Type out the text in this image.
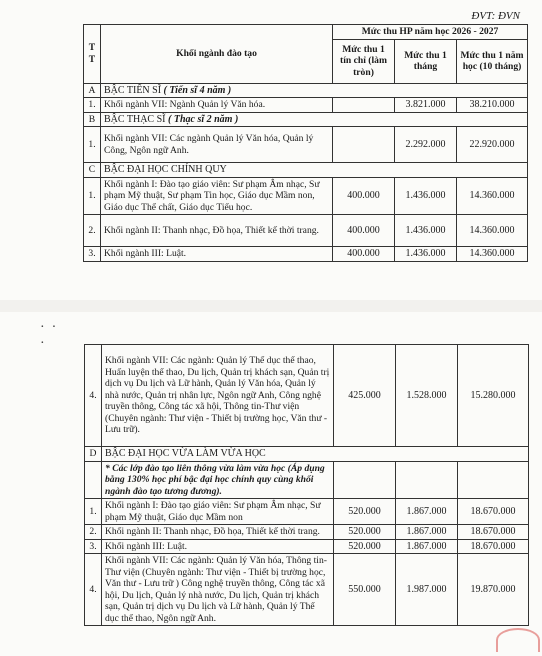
ĐVT: ĐVN
T T	Khối ngành đào tạo	Mức thu HP năm học 2026 - 2027		
		Mức thu 1 tín chỉ (làm tròn)	Mức thu 1 tháng	Mức thu 1 năm học (10 tháng)
A	BẬC TIẾN SĨ ( Tiến sĩ 4 năm )			
1.	Khối ngành VII: Ngành Quản lý Văn hóa.		3.821.000	38.210.000
B	BẬC THẠC SĨ ( Thạc sĩ 2 năm )			
1.	Khối ngành VII: Các ngành Quản lý Văn hóa, Quản lý Công, Ngôn ngữ Anh.		2.292.000	22.920.000
C	BẬC ĐẠI HỌC CHÍNH QUY			
1.	Khối ngành I: Đào tạo giáo viên: Sư phạm Âm nhạc, Sư phạm Mỹ thuật, Sư phạm Tin học, Giáo dục Mầm non, Giáo dục Thể chất, Giáo dục Tiểu học.	400.000	1.436.000	14.360.000
2.	Khối ngành II: Thanh nhạc, Đồ họa, Thiết kế thời trang.	400.000	1.436.000	14.360.000
3.	Khối ngành III: Luật.	400.000	1.436.000	14.360.000
·  ·
·
4.	Khối ngành VII: Các ngành: Quản lý Thể dục thể thao, Huấn luyện thể thao, Du lịch, Quản trị khách sạn, Quản trị dịch vụ Du lịch và Lữ hành, Quản lý Văn hóa, Quản lý nhà nước, Quản trị nhân lực, Ngôn ngữ Anh, Công nghệ truyền thông, Công tác xã hội, Thông tin-Thư viện (Chuyên ngành: Thư viện - Thiết bị trường học, Văn thư - Lưu trữ).	425.000	1.528.000	15.280.000
D	BẬC ĐẠI HỌC VỪA LÀM VỪA HỌC			
	* Các lớp đào tạo liên thông vừa làm vừa học (Áp dụng bằng 130% học phí bậc đại học chính quy cùng khối ngành đào tạo tương đương).			
1.	Khối ngành I: Đào tạo giáo viên: Sư phạm Âm nhạc, Sư phạm Mỹ thuật, Giáo dục Mầm non	520.000	1.867.000	18.670.000
2.	Khối ngành II: Thanh nhạc, Đồ họa, Thiết kế thời trang.	520.000	1.867.000	18.670.000
3.	Khối ngành III: Luật.	520.000	1.867.000	18.670.000
4.	Khối ngành VII: Các ngành: Quản lý Văn hóa, Thông tin-Thư viện (Chuyên ngành: Thư viện - Thiết bị trường học, Văn thư - Lưu trữ ) Công nghệ truyền thông, Công tác xã hội, Du lịch, Quản lý nhà nước, Du lịch, Quản trị khách sạn, Quản trị dịch vụ Du lịch và Lữ hành, Quản lý Thể dục thể thao, Ngôn ngữ Anh.	550.000	1.987.000	19.870.000
